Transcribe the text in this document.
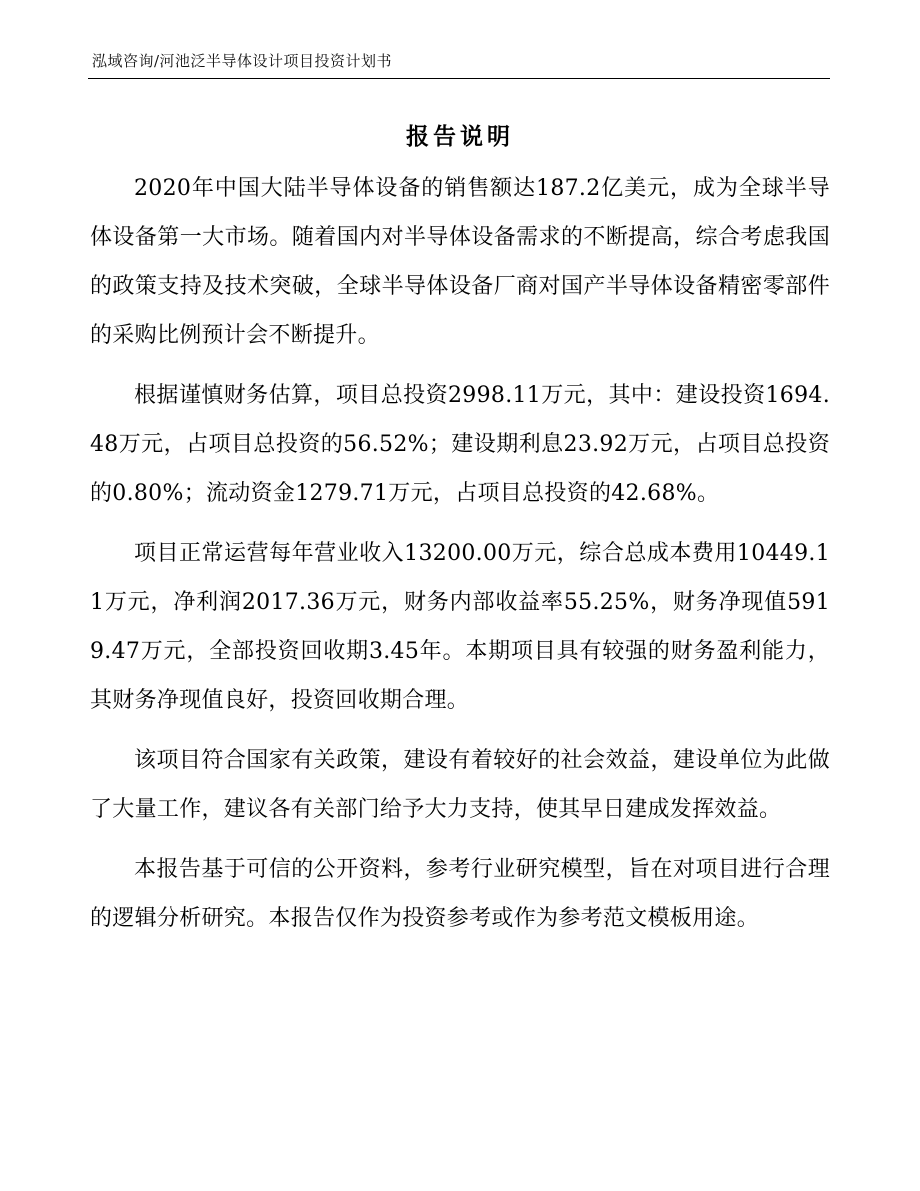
泓域咨询/河池泛半导体设计项目投资计划书
报告说明

2020年中国大陆半导体设备的销售额达187.2亿美元，成为全球半导体设备第一大市场。随着国内对半导体设备需求的不断提高，综合考虑我国的政策支持及技术突破，全球半导体设备厂商对国产半导体设备精密零部件的采购比例预计会不断提升。

根据谨慎财务估算，项目总投资2998.11万元，其中：建设投资1694.48万元，占项目总投资的56.52%；建设期利息23.92万元，占项目总投资的0.80%；流动资金1279.71万元，占项目总投资的42.68%。

项目正常运营每年营业收入13200.00万元，综合总成本费用10449.11万元，净利润2017.36万元，财务内部收益率55.25%，财务净现值5919.47万元，全部投资回收期3.45年。本期项目具有较强的财务盈利能力，其财务净现值良好，投资回收期合理。

该项目符合国家有关政策，建设有着较好的社会效益，建设单位为此做了大量工作，建议各有关部门给予大力支持，使其早日建成发挥效益。

本报告基于可信的公开资料，参考行业研究模型，旨在对项目进行合理的逻辑分析研究。本报告仅作为投资参考或作为参考范文模板用途。
